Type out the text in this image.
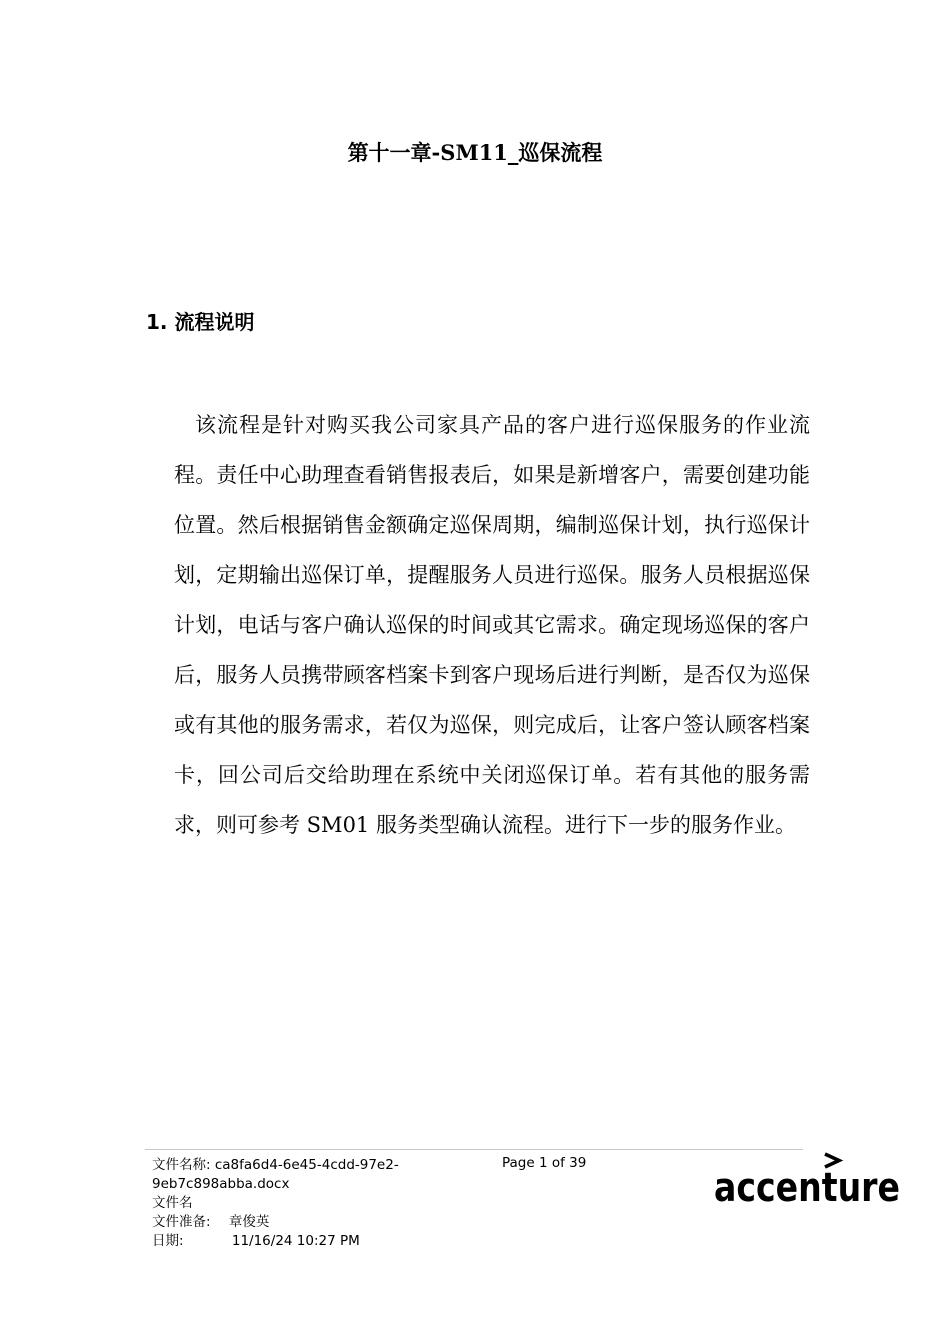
第十一章-SM11_巡保流程
1. 流程说明
该流程是针对购买我公司家具产品的客户进行巡保服务的作业流程。责任中心助理查看销售报表后，如果是新增客户，需要创建功能位置。然后根据销售金额确定巡保周期，编制巡保计划，执行巡保计划，定期输出巡保订单，提醒服务人员进行巡保。服务人员根据巡保计划，电话与客户确认巡保的时间或其它需求。确定现场巡保的客户后，服务人员携带顾客档案卡到客户现场后进行判断，是否仅为巡保或有其他的服务需求，若仅为巡保，则完成后，让客户签认顾客档案卡，回公司后交给助理在系统中关闭巡保订单。若有其他的服务需求，则可参考 SM01 服务类型确认流程。进行下一步的服务作业。
文件名称: ca8fa6d4-6e45-4cdd-97e2-9eb7c898abba.docx
文件名
文件准备: 章俊英
日期:	11/16/24 10:27 PM
Page 1 of 39
accenture
